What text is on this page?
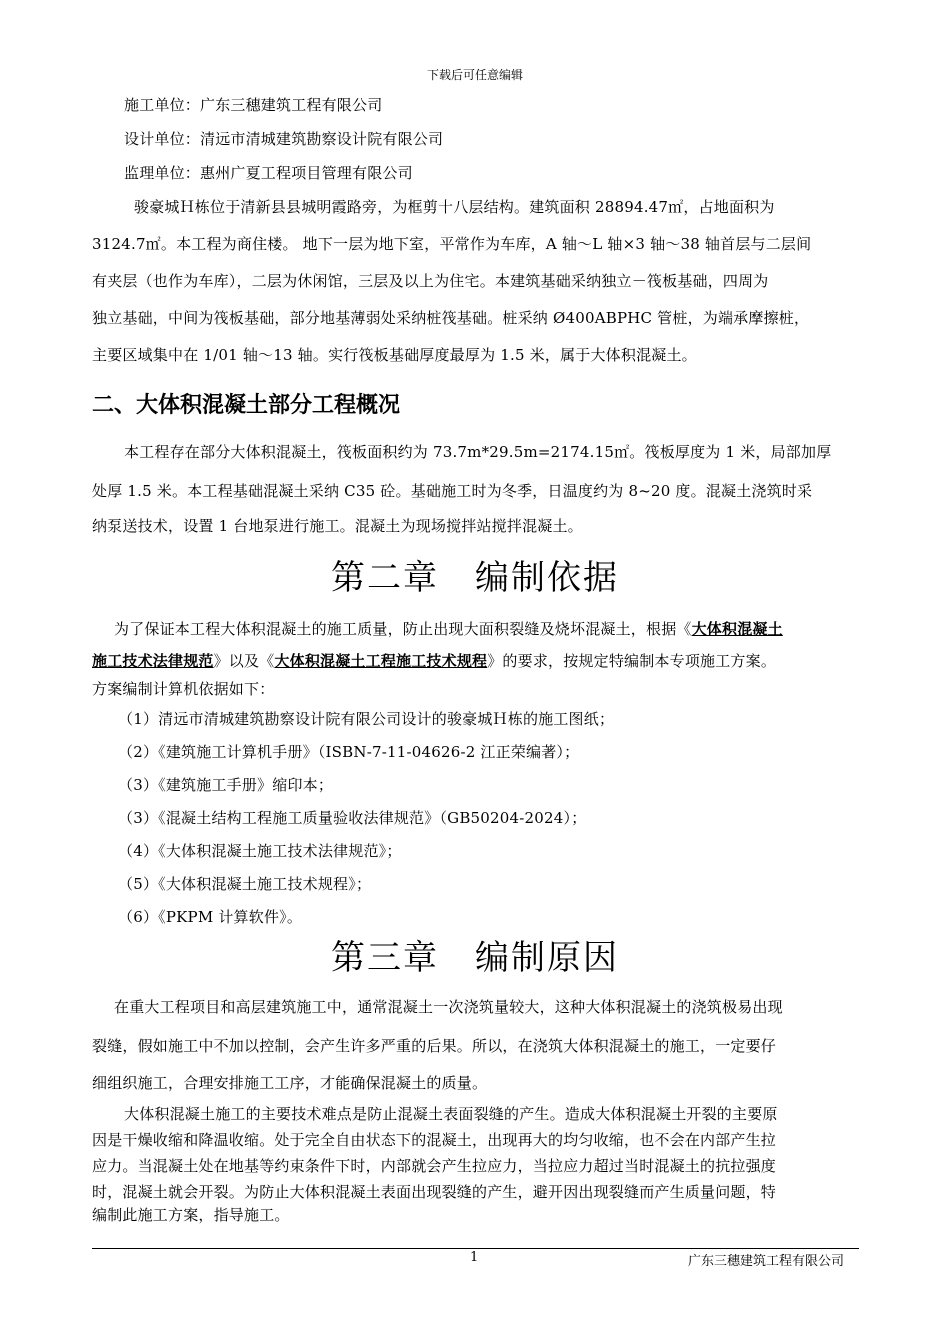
下载后可任意编辑
施工单位：广东三穗建筑工程有限公司
设计单位：清远市清城建筑勘察设计院有限公司
监理单位：惠州广夏工程项目管理有限公司
骏豪城Ｈ栋位于清新县县城明霞路旁，为框剪十八层结构。建筑面积 28894.47㎡，占地面积为
3124.7㎡。本工程为商住楼。 地下一层为地下室，平常作为车库，A 轴～L 轴×3 轴～38 轴首层与二层间
有夹层（也作为车库），二层为休闲馆，三层及以上为住宅。本建筑基础采纳独立－筏板基础，四周为
独立基础，中间为筏板基础，部分地基薄弱处采纳桩筏基础。桩采纳 Ø400ABPHC 管桩，为端承摩擦桩，
主要区域集中在 1/01 轴～13 轴。实行筏板基础厚度最厚为 1.5 米，属于大体积混凝土。
二、大体积混凝土部分工程概况
本工程存在部分大体积混凝土，筏板面积约为 73.7m*29.5m=2174.15㎡。筏板厚度为 1 米，局部加厚
处厚 1.5 米。本工程基础混凝土采纳 C35 砼。基础施工时为冬季，日温度约为 8~20 度。混凝土浇筑时采
纳泵送技术，设置 1 台地泵进行施工。混凝土为现场搅拌站搅拌混凝土。
第二章　编制依据
为了保证本工程大体积混凝土的施工质量，防止出现大面积裂缝及烧坏混凝土，根据《大体积混凝土
施工技术法律规范》以及《大体积混凝土工程施工技术规程》的要求，按规定特编制本专项施工方案。
方案编制计算机依据如下：
（1）清远市清城建筑勘察设计院有限公司设计的骏豪城Ｈ栋的施工图纸；
（2）《建筑施工计算机手册》（ISBN-7-11-04626-2 江正荣编著）；
（3）《建筑施工手册》缩印本；
（3）《混凝土结构工程施工质量验收法律规范》（GB50204-2024）；
（4）《大体积混凝土施工技术法律规范》；
（5）《大体积混凝土施工技术规程》；
（6）《PKPM 计算软件》。
第三章　编制原因
在重大工程项目和高层建筑施工中，通常混凝土一次浇筑量较大，这种大体积混凝土的浇筑极易出现
裂缝，假如施工中不加以控制，会产生许多严重的后果。所以，在浇筑大体积混凝土的施工，一定要仔
细组织施工，合理安排施工工序，才能确保混凝土的质量。
大体积混凝土施工的主要技术难点是防止混凝土表面裂缝的产生。造成大体积混凝土开裂的主要原
因是干燥收缩和降温收缩。处于完全自由状态下的混凝土，出现再大的均匀收缩，也不会在内部产生拉
应力。当混凝土处在地基等约束条件下时，内部就会产生拉应力，当拉应力超过当时混凝土的抗拉强度
时，混凝土就会开裂。为防止大体积混凝土表面出现裂缝的产生，避开因出现裂缝而产生质量问题，特
编制此施工方案，指导施工。
1	广东三穗建筑工程有限公司
